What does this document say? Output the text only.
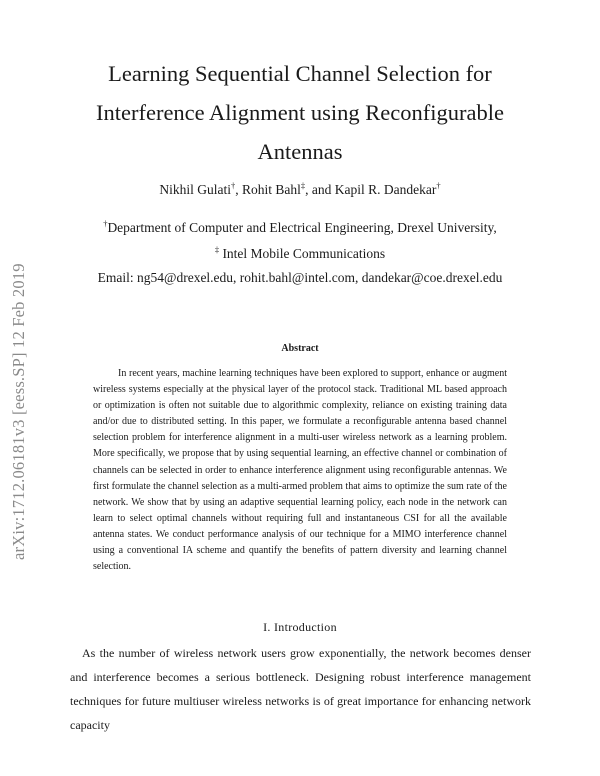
arXiv:1712.06181v3 [eess.SP] 12 Feb 2019
Learning Sequential Channel Selection for
Interference Alignment using Reconfigurable
Antennas
Nikhil Gulati†, Rohit Bahl‡, and Kapil R. Dandekar†
†Department of Computer and Electrical Engineering, Drexel University,
‡ Intel Mobile Communications
Email: ng54@drexel.edu, rohit.bahl@intel.com, dandekar@coe.drexel.edu
Abstract

In recent years, machine learning techniques have been explored to support, enhance or augment wireless systems especially at the physical layer of the protocol stack. Traditional ML based approach or optimization is often not suitable due to algorithmic complexity, reliance on existing training data and/or due to distributed setting. In this paper, we formulate a reconfigurable antenna based channel selection problem for interference alignment in a multi-user wireless network as a learning problem. More specifically, we propose that by using sequential learning, an effective channel or combination of channels can be selected in order to enhance interference alignment using reconfigurable antennas. We first formulate the channel selection as a multi-armed problem that aims to optimize the sum rate of the network. We show that by using an adaptive sequential learning policy, each node in the network can learn to select optimal channels without requiring full and instantaneous CSI for all the available antenna states. We conduct performance analysis of our technique for a MIMO interference channel using a conventional IA scheme and quantify the benefits of pattern diversity and learning channel selection.

I. Introduction

As the number of wireless network users grow exponentially, the network becomes denser and interference becomes a serious bottleneck. Designing robust interference management techniques for future multiuser wireless networks is of great importance for enhancing network capacity
